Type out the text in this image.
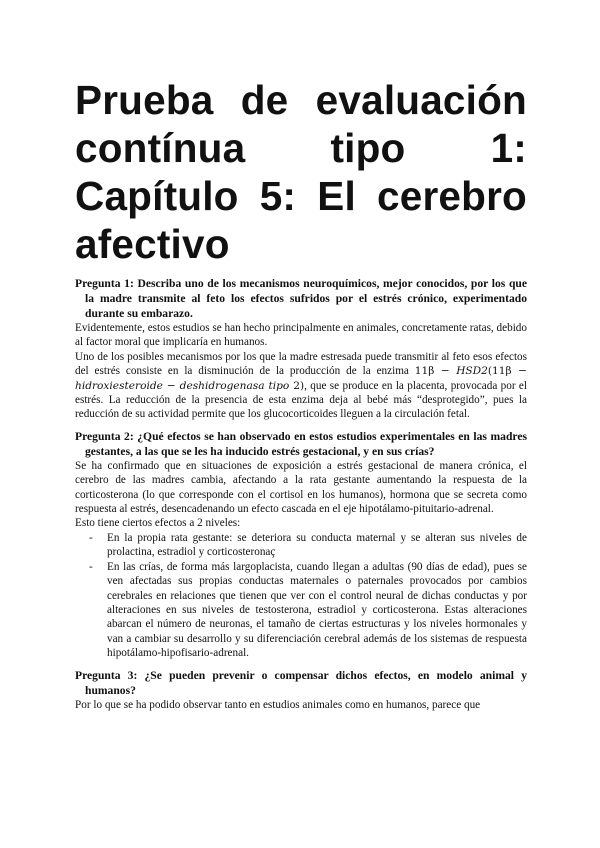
Prueba de evaluación contínua tipo 1: Capítulo 5: El cerebro afectivo

Pregunta 1: Describa uno de los mecanismos neuroquímicos, mejor conocidos, por los que la madre transmite al feto los efectos sufridos por el estrés crónico, experimentado durante su embarazo.

Evidentemente, estos estudios se han hecho principalmente en animales, concretamente ratas, debido al factor moral que implicaría en humanos.

Uno de los posibles mecanismos por los que la madre estresada puede transmitir al feto esos efectos del estrés consiste en la disminución de la producción de la enzima 11β − HSD2(11β − hidroxiesteroide − deshidrogenasa tipo 2), que se produce en la placenta, provocada por el estrés. La reducción de la presencia de esta enzima deja al bebé más “desprotegido”, pues la reducción de su actividad permite que los glucocorticoides lleguen a la circulación fetal.

Pregunta 2: ¿Qué efectos se han observado en estos estudios experimentales en las madres gestantes, a las que se les ha inducido estrés gestacional, y en sus crías?

Se ha confirmado que en situaciones de exposición a estrés gestacional de manera crónica, el cerebro de las madres cambia, afectando a la rata gestante aumentando la respuesta de la corticosterona (lo que corresponde con el cortisol en los humanos), hormona que se secreta como respuesta al estrés, desencadenando un efecto cascada en el eje hipotálamo-pituitario-adrenal.

Esto tiene ciertos efectos a 2 niveles:

- En la propia rata gestante: se deteriora su conducta maternal y se alteran sus niveles de prolactina, estradiol y corticosteronaç
- En las crías, de forma más largoplacista, cuando llegan a adultas (90 días de edad), pues se ven afectadas sus propias conductas maternales o paternales provocados por cambios cerebrales en relaciones que tienen que ver con el control neural de dichas conductas y por alteraciones en sus niveles de testosterona, estradiol y corticosterona. Estas alteraciones abarcan el número de neuronas, el tamaño de ciertas estructuras y los niveles hormonales y van a cambiar su desarrollo y su diferenciación cerebral además de los sistemas de respuesta hipotálamo-hipofisario-adrenal.

Pregunta 3: ¿Se pueden prevenir o compensar dichos efectos, en modelo animal y humanos?

Por lo que se ha podido observar tanto en estudios animales como en humanos, parece que
